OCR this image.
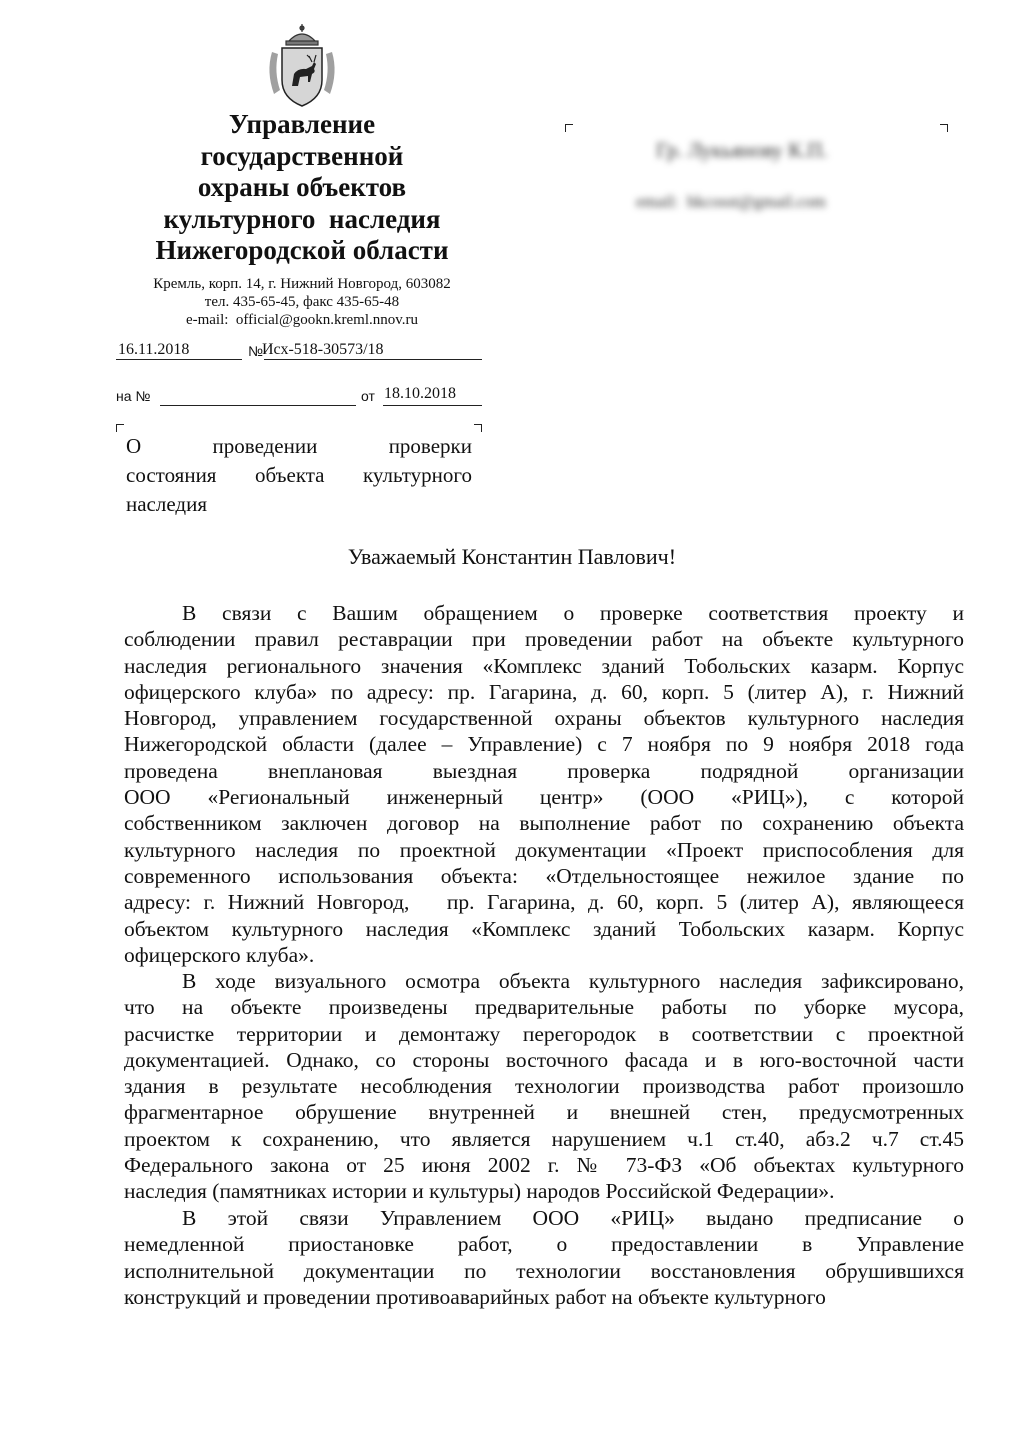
Управление
государственной
охраны объектов
культурного  наследия
Нижегородской области
Кремль, корп. 14, г. Нижний Новгород, 603082
тел. 435-65-45, факс 435-65-48
e-mail:  official@gookn.kreml.nnov.ru
16.11.2018	№
Исх-518-30573/18
на №	от 18.10.2018
Гр. Лукьянову К.П.
email:  hkcosst@gmail.com
О проведении проверки
состояния объекта культурного
наследия
Уважаемый Константин Павлович!
В связи с Вашим обращением о проверке соответствия проекту и
соблюдении правил реставрации при проведении работ на объекте культурного
наследия регионального значения «Комплекс зданий Тобольских казарм. Корпус
офицерского клуба» по адресу: пр. Гагарина, д. 60, корп. 5 (литер А), г. Нижний
Новгород, управлением государственной охраны объектов культурного наследия
Нижегородской области (далее – Управление) с 7 ноября по 9 ноября 2018 года
проведена внеплановая выездная проверка подрядной организации
ООО «Региональный инженерный центр» (ООО «РИЦ»), с которой
собственником заключен договор на выполнение работ по сохранению объекта
культурного наследия по проектной документации «Проект приспособления для
современного использования объекта: «Отдельностоящее нежилое здание по
адресу: г. Нижний Новгород,   пр. Гагарина, д. 60, корп. 5 (литер А), являющееся
объектом культурного наследия «Комплекс зданий Тобольских казарм. Корпус
офицерского клуба».
В ходе визуального осмотра объекта культурного наследия зафиксировано,
что на объекте произведены предварительные работы по уборке мусора,
расчистке территории и демонтажу перегородок в соответствии с проектной
документацией. Однако, со стороны восточного фасада и в юго-восточной части
здания в результате несоблюдения технологии производства работ произошло
фрагментарное обрушение внутренней и внешней стен, предусмотренных
проектом к сохранению, что является нарушением ч.1 ст.40, абз.2 ч.7 ст.45
Федерального закона от 25 июня 2002 г. № 73-ФЗ «Об объектах культурного
наследия (памятниках истории и культуры) народов Российской Федерации».
В этой связи Управлением ООО «РИЦ» выдано предписание о
немедленной приостановке работ, о предоставлении в Управление
исполнительной документации по технологии восстановления обрушившихся
конструкций и проведении противоаварийных работ на объекте культурного
